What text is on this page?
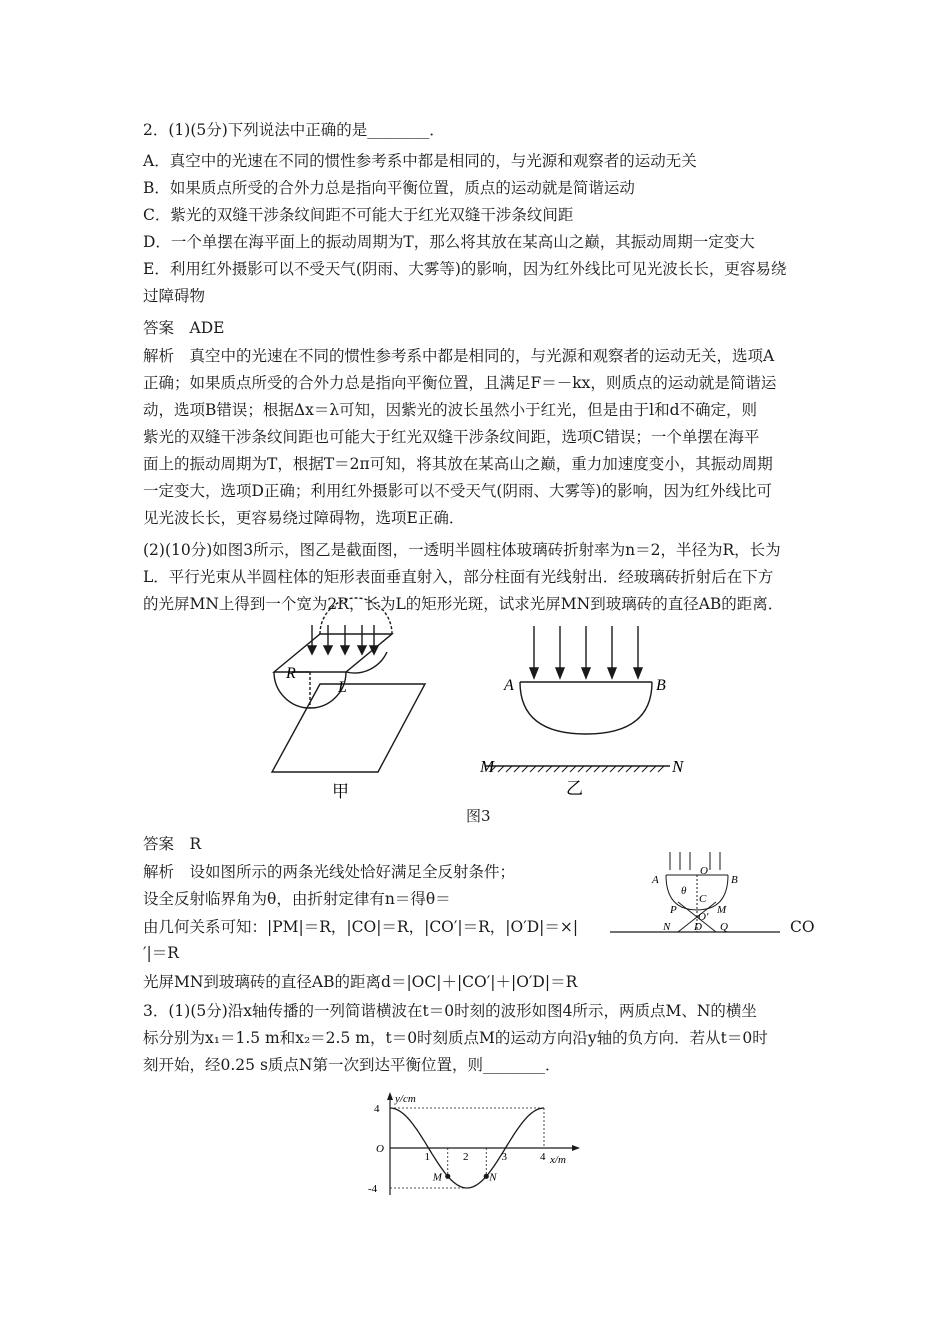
2．(1)(5分)下列说法中正确的是________．
A．真空中的光速在不同的惯性参考系中都是相同的，与光源和观察者的运动无关
B．如果质点所受的合外力总是指向平衡位置，质点的运动就是简谐运动
C．紫光的双缝干涉条纹间距不可能大于红光双缝干涉条纹间距
D．一个单摆在海平面上的振动周期为T，那么将其放在某高山之巅，其振动周期一定变大
E．利用红外摄影可以不受天气(阴雨、大雾等)的影响，因为红外线比可见光波长长，更容易绕
过障碍物
答案　ADE
解析　真空中的光速在不同的惯性参考系中都是相同的，与光源和观察者的运动无关，选项A
正确；如果质点所受的合外力总是指向平衡位置，且满足F＝－kx，则质点的运动就是简谐运
动，选项B错误；根据Δx＝λ可知，因紫光的波长虽然小于红光，但是由于l和d不确定，则
紫光的双缝干涉条纹间距也可能大于红光双缝干涉条纹间距，选项C错误；一个单摆在海平
面上的振动周期为T，根据T＝2π可知，将其放在某高山之巅，重力加速度变小，其振动周期
一定变大，选项D正确；利用红外摄影可以不受天气(阴雨、大雾等)的影响，因为红外线比可
见光波长长，更容易绕过障碍物，选项E正确．
(2)(10分)如图3所示，图乙是截面图，一透明半圆柱体玻璃砖折射率为n＝2，半径为R，长为
L．平行光束从半圆柱体的矩形表面垂直射入，部分柱面有光线射出．经玻璃砖折射后在下方
的光屏MN上得到一个宽为2R，长为L的矩形光斑，试求光屏MN到玻璃砖的直径AB的距离．
R
L
甲
A	B
M	N
乙
图3
答案　R
解析　设如图所示的两条光线处恰好满足全反射条件；
设全反射临界角为θ，由折射定律有n＝得θ＝
由几何关系可知：|PM|＝R，|CO|＝R，|CO′|＝R，|O′D|＝×|
′|＝R
光屏MN到玻璃砖的直径AB的距离d＝|OC|＋|CO′|＋|O′D|＝R
CO
A
O
B
θ
C
P	M
O′
N D Q
3．(1)(5分)沿x轴传播的一列简谐横波在t＝0时刻的波形如图4所示，两质点M、N的横坐
标分别为x₁＝1.5 m和x₂＝2.5 m，t＝0时刻质点M的运动方向沿y轴的负方向．若从t＝0时
刻开始，经0.25 s质点N第一次到达平衡位置，则________．
y/cm
x/m
O
1	2	3	4
4
-4
M	N
